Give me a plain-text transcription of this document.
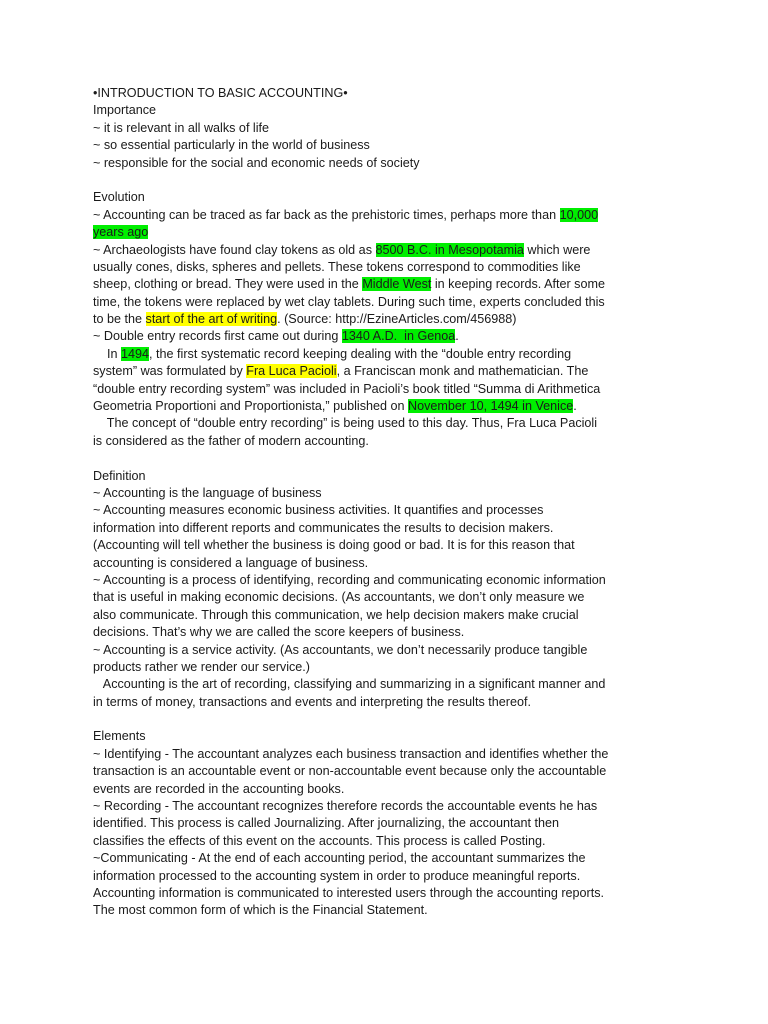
•INTRODUCTION TO BASIC ACCOUNTING•
Importance
~ it is relevant in all walks of life
~ so essential particularly in the world of business
~ responsible for the social and economic needs of society
Evolution
~ Accounting can be traced as far back as the prehistoric times, perhaps more than 10,000
years ago
~ Archaeologists have found clay tokens as old as 8500 B.C. in Mesopotamia which were
usually cones, disks, spheres and pellets. These tokens correspond to commodities like
sheep, clothing or bread. They were used in the Middle West in keeping records. After some
time, the tokens were replaced by wet clay tablets. During such time, experts concluded this
to be the start of the art of writing. (Source: http://EzineArticles.com/456988)
~ Double entry records first came out during 1340 A.D.  in Genoa.
In 1494, the first systematic record keeping dealing with the “double entry recording
system” was formulated by Fra Luca Pacioli, a Franciscan monk and mathematician. The
“double entry recording system” was included in Pacioli’s book titled “Summa di Arithmetica
Geometria Proportioni and Proportionista,” published on November 10, 1494 in Venice.
The concept of “double entry recording” is being used to this day. Thus, Fra Luca Pacioli
is considered as the father of modern accounting.
Definition
~ Accounting is the language of business
~ Accounting measures economic business activities. It quantifies and processes
information into different reports and communicates the results to decision makers.
(Accounting will tell whether the business is doing good or bad. It is for this reason that
accounting is considered a language of business.
~ Accounting is a process of identifying, recording and communicating economic information
that is useful in making economic decisions. (As accountants, we don’t only measure we
also communicate. Through this communication, we help decision makers make crucial
decisions. That’s why we are called the score keepers of business.
~ Accounting is a service activity. (As accountants, we don’t necessarily produce tangible
products rather we render our service.)
Accounting is the art of recording, classifying and summarizing in a significant manner and
in terms of money, transactions and events and interpreting the results thereof.
Elements
~ Identifying - The accountant analyzes each business transaction and identifies whether the
transaction is an accountable event or non-accountable event because only the accountable
events are recorded in the accounting books.
~ Recording - The accountant recognizes therefore records the accountable events he has
identified. This process is called Journalizing. After journalizing, the accountant then
classifies the effects of this event on the accounts. This process is called Posting.
~Communicating - At the end of each accounting period, the accountant summarizes the
information processed to the accounting system in order to produce meaningful reports.
Accounting information is communicated to interested users through the accounting reports.
The most common form of which is the Financial Statement.
